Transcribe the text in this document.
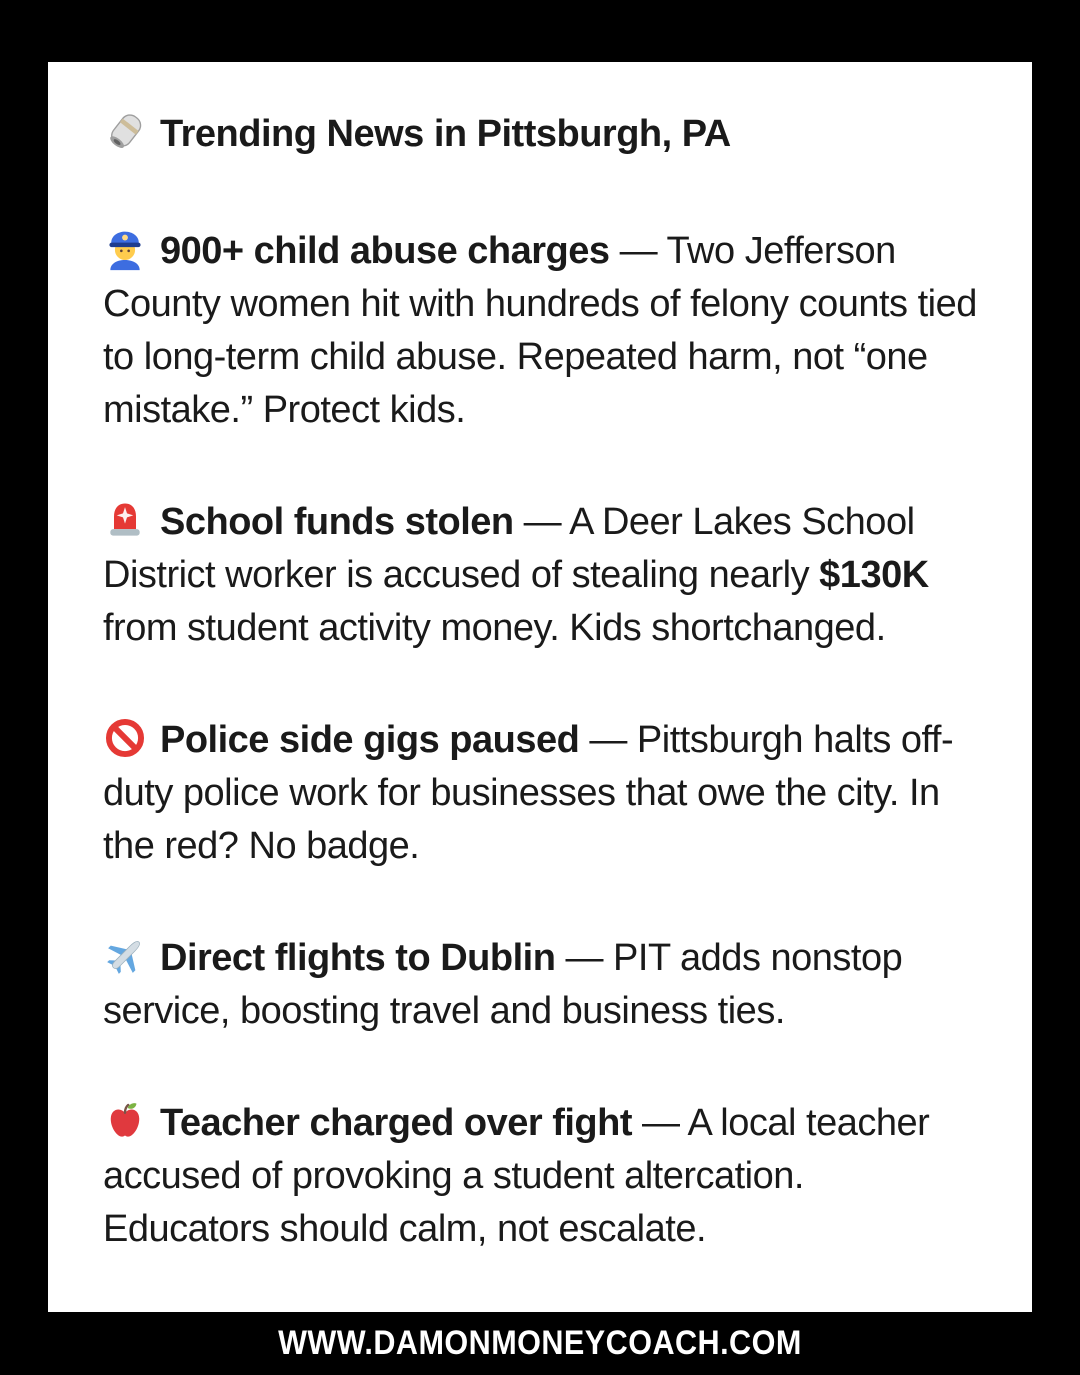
Trending News in Pittsburgh, PA

900+ child abuse charges — Two Jefferson County women hit with hundreds of felony counts tied to long-term child abuse. Repeated harm, not “one mistake.” Protect kids.

School funds stolen — A Deer Lakes School District worker is accused of stealing nearly $130K from student activity money. Kids shortchanged.

Police side gigs paused — Pittsburgh halts off-duty police work for businesses that owe the city. In the red? No badge.

Direct flights to Dublin — PIT adds nonstop service, boosting travel and business ties.

Teacher charged over fight — A local teacher accused of provoking a student altercation. Educators should calm, not escalate.

WWW.DAMONMONEYCOACH.COM
